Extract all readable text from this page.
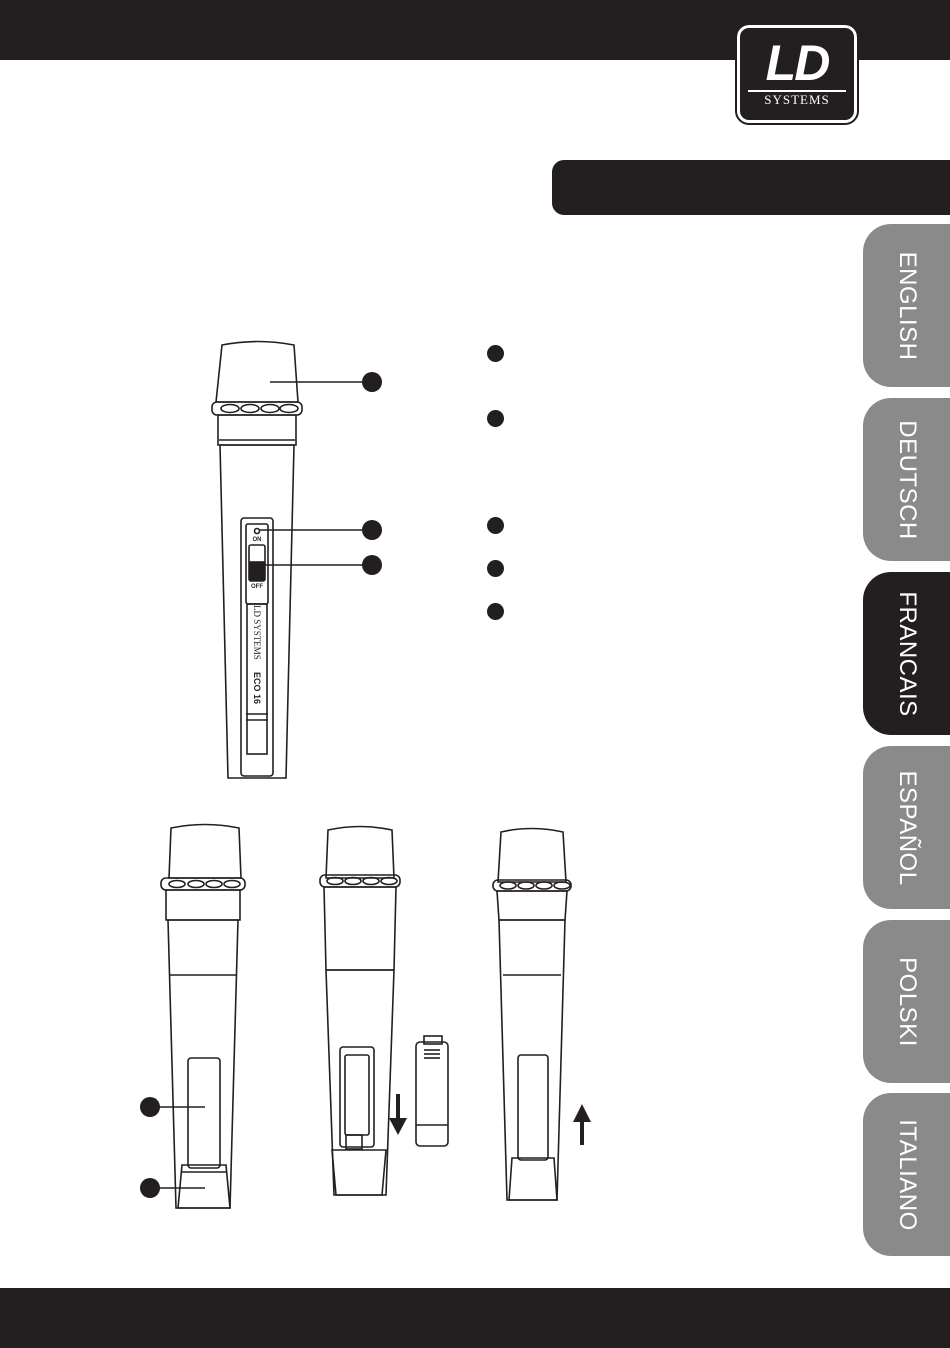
LD
SYSTEMS
ENGLISH
DEUTSCH
FRANCAIS
ESPAÑOL
POLSKI
ITALIANO
ON
OFF
LD SYSTEMS
ECO 16
